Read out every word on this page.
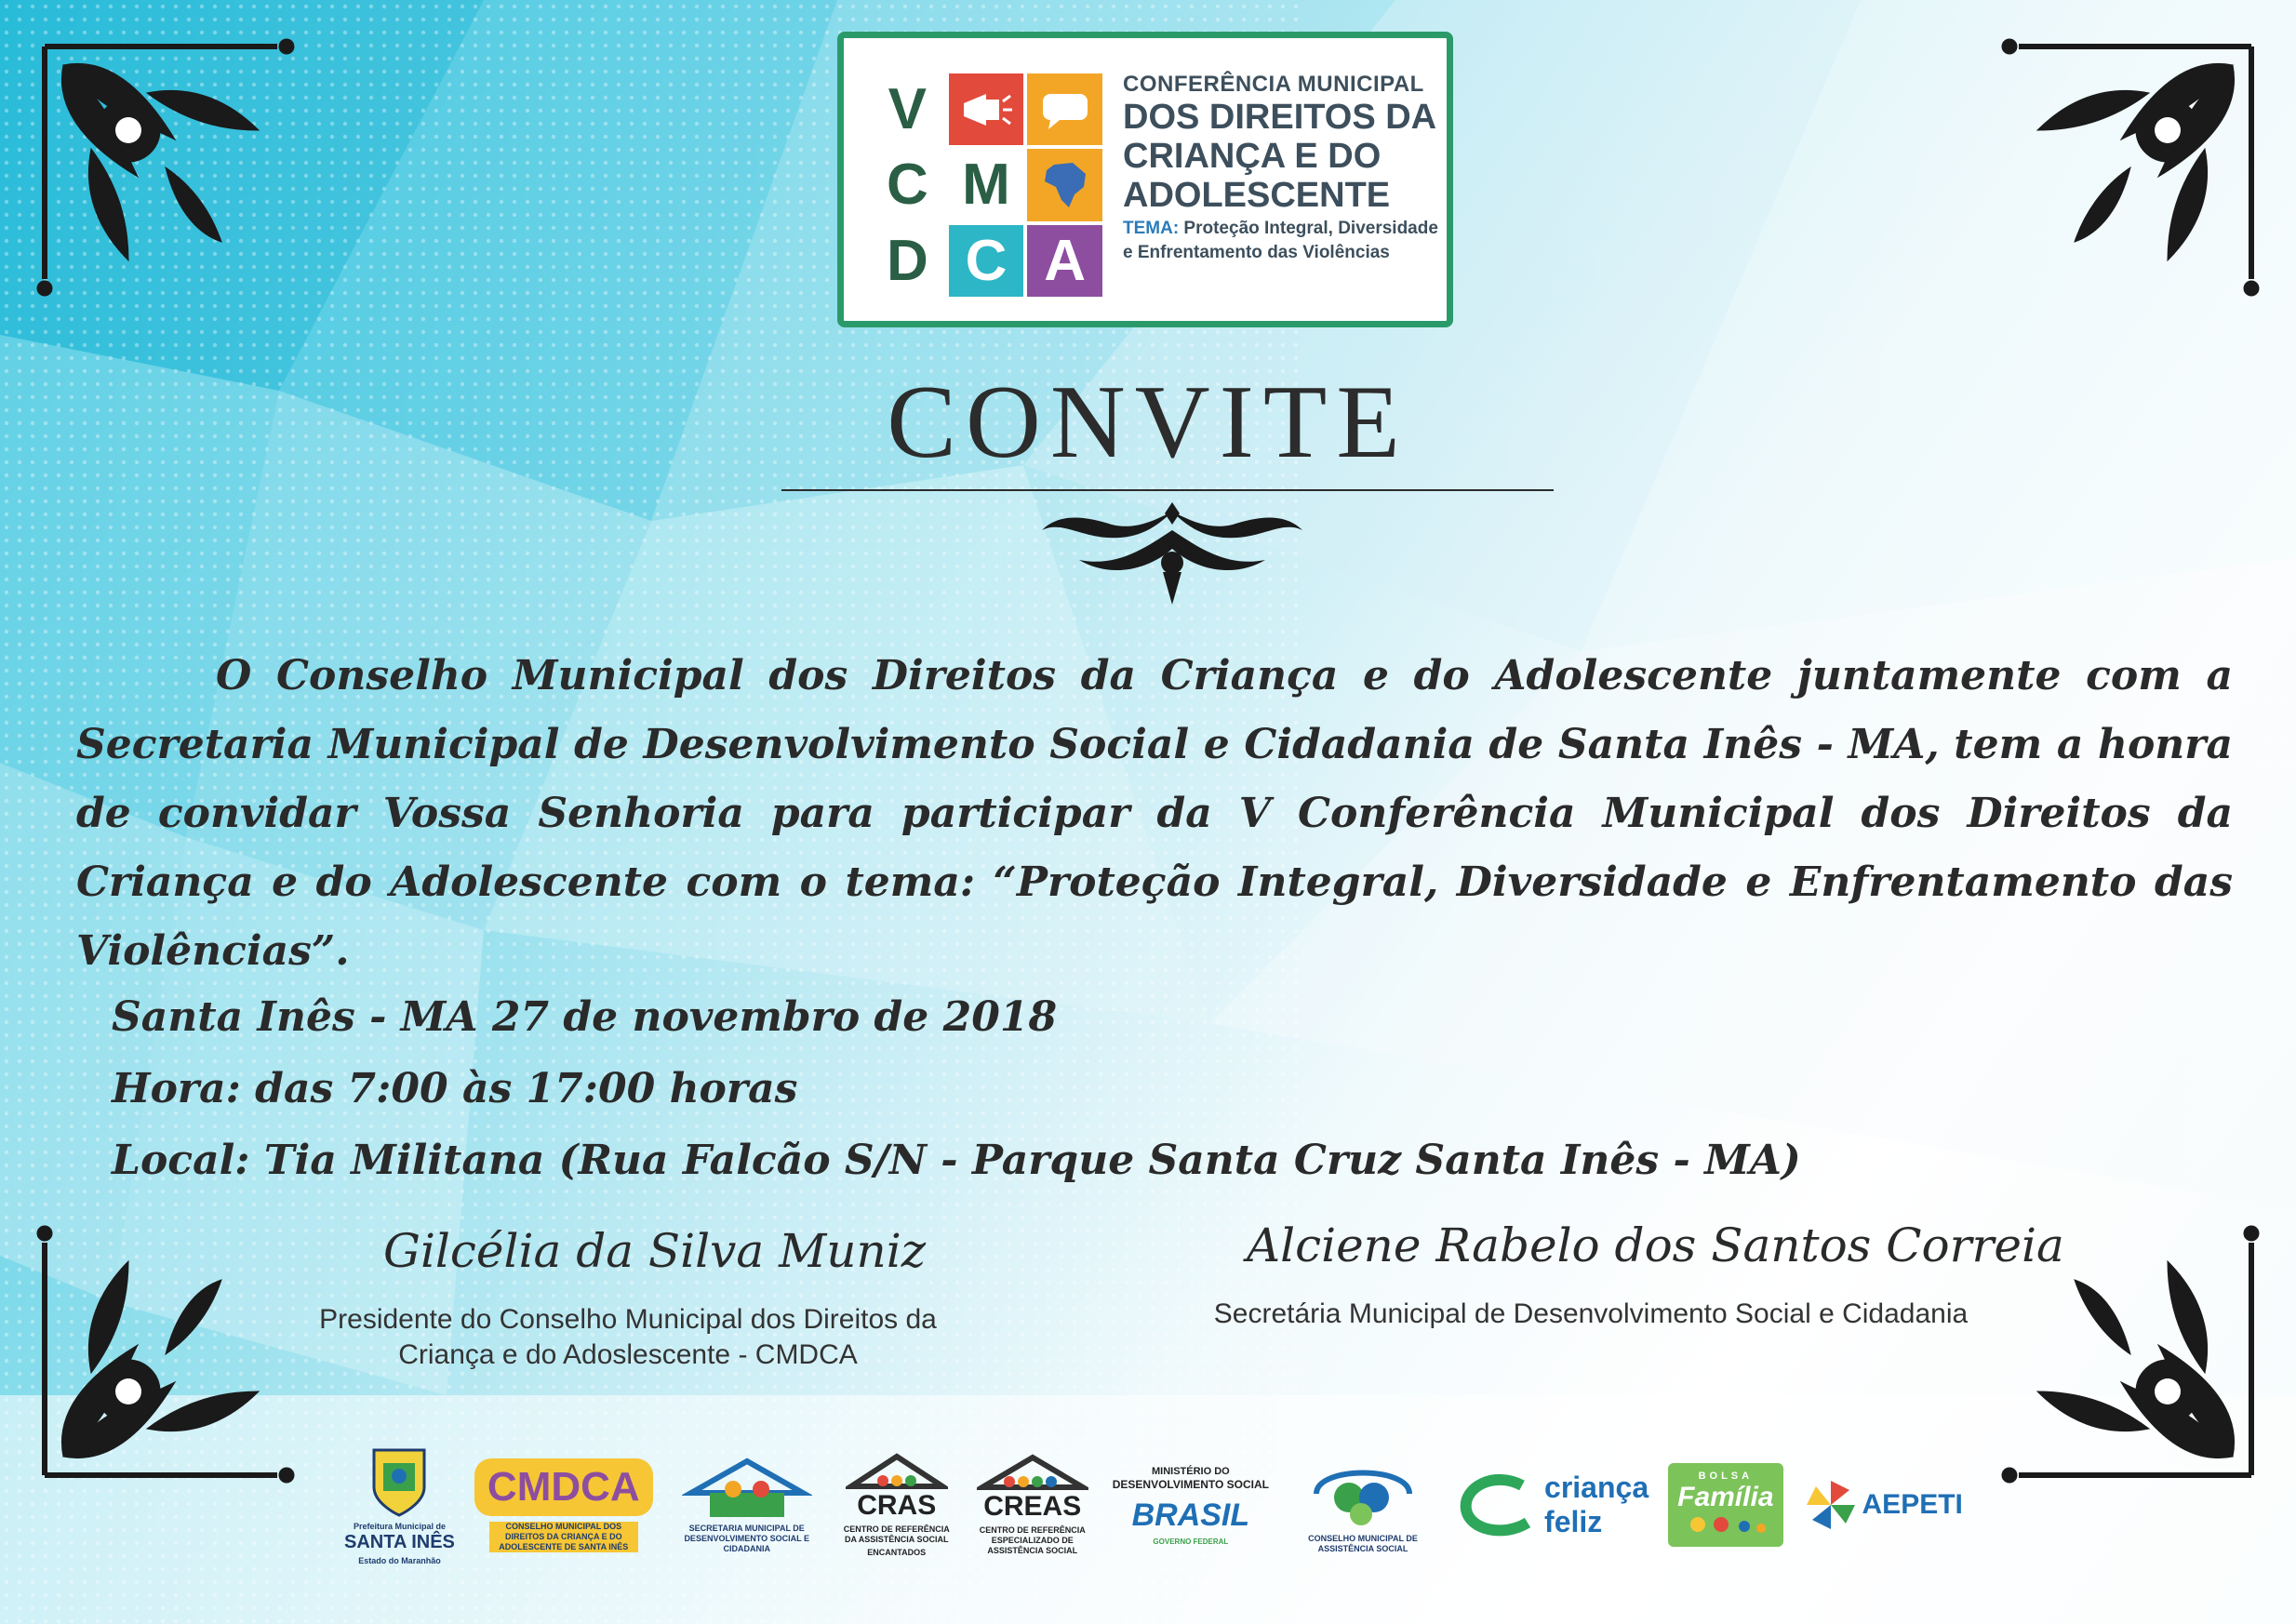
V
C M
D C A
CONFERÊNCIA MUNICIPAL
DOS DIREITOS DA
CRIANÇA E DO
ADOLESCENTE
TEMA: Proteção Integral, Diversidade
e Enfrentamento das Violências
CONVITE
O Conselho Municipal dos Direitos da Criança e do Adolescente juntamente com a Secretaria Municipal de Desenvolvimento Social e Cidadania de Santa Inês - MA, tem a honra de convidar Vossa Senhoria para participar da V Conferência Municipal dos Direitos da Criança e do Adolescente com o tema: “Proteção Integral, Diversidade e Enfrentamento das Violências”.
Santa Inês - MA 27 de novembro de 2018
Hora: das 7:00 às 17:00 horas
Local: Tia Militana (Rua Falcão S/N - Parque Santa Cruz Santa Inês - MA)
Gilcélia da Silva Muniz
Presidente do Conselho Municipal dos Direitos da
Criança e do Adoslescente - CMDCA
Alciene Rabelo dos Santos Correia
Secretária Municipal de Desenvolvimento Social e Cidadania
Prefeitura Municipal de
SANTA INÊS
Estado do Maranhão
CMDCA
CONSELHO MUNICIPAL DOS DIREITOS DA CRIANÇA E DO ADOLESCENTE DE SANTA INÊS
SECRETARIA MUNICIPAL DE DESENVOLVIMENTO SOCIAL E CIDADANIA
CRAS
CENTRO DE REFERÊNCIA DA ASSISTÊNCIA SOCIAL
ENCANTADOS
CREAS
CENTRO DE REFERÊNCIA ESPECIALIZADO DE ASSISTÊNCIA SOCIAL
MINISTÉRIO DO
DESENVOLVIMENTO SOCIAL
BRASIL
GOVERNO FEDERAL	CONSELHO MUNICIPAL DE ASSISTÊNCIA SOCIAL
criança
feliz
BOLSA
Família	AEPETI
